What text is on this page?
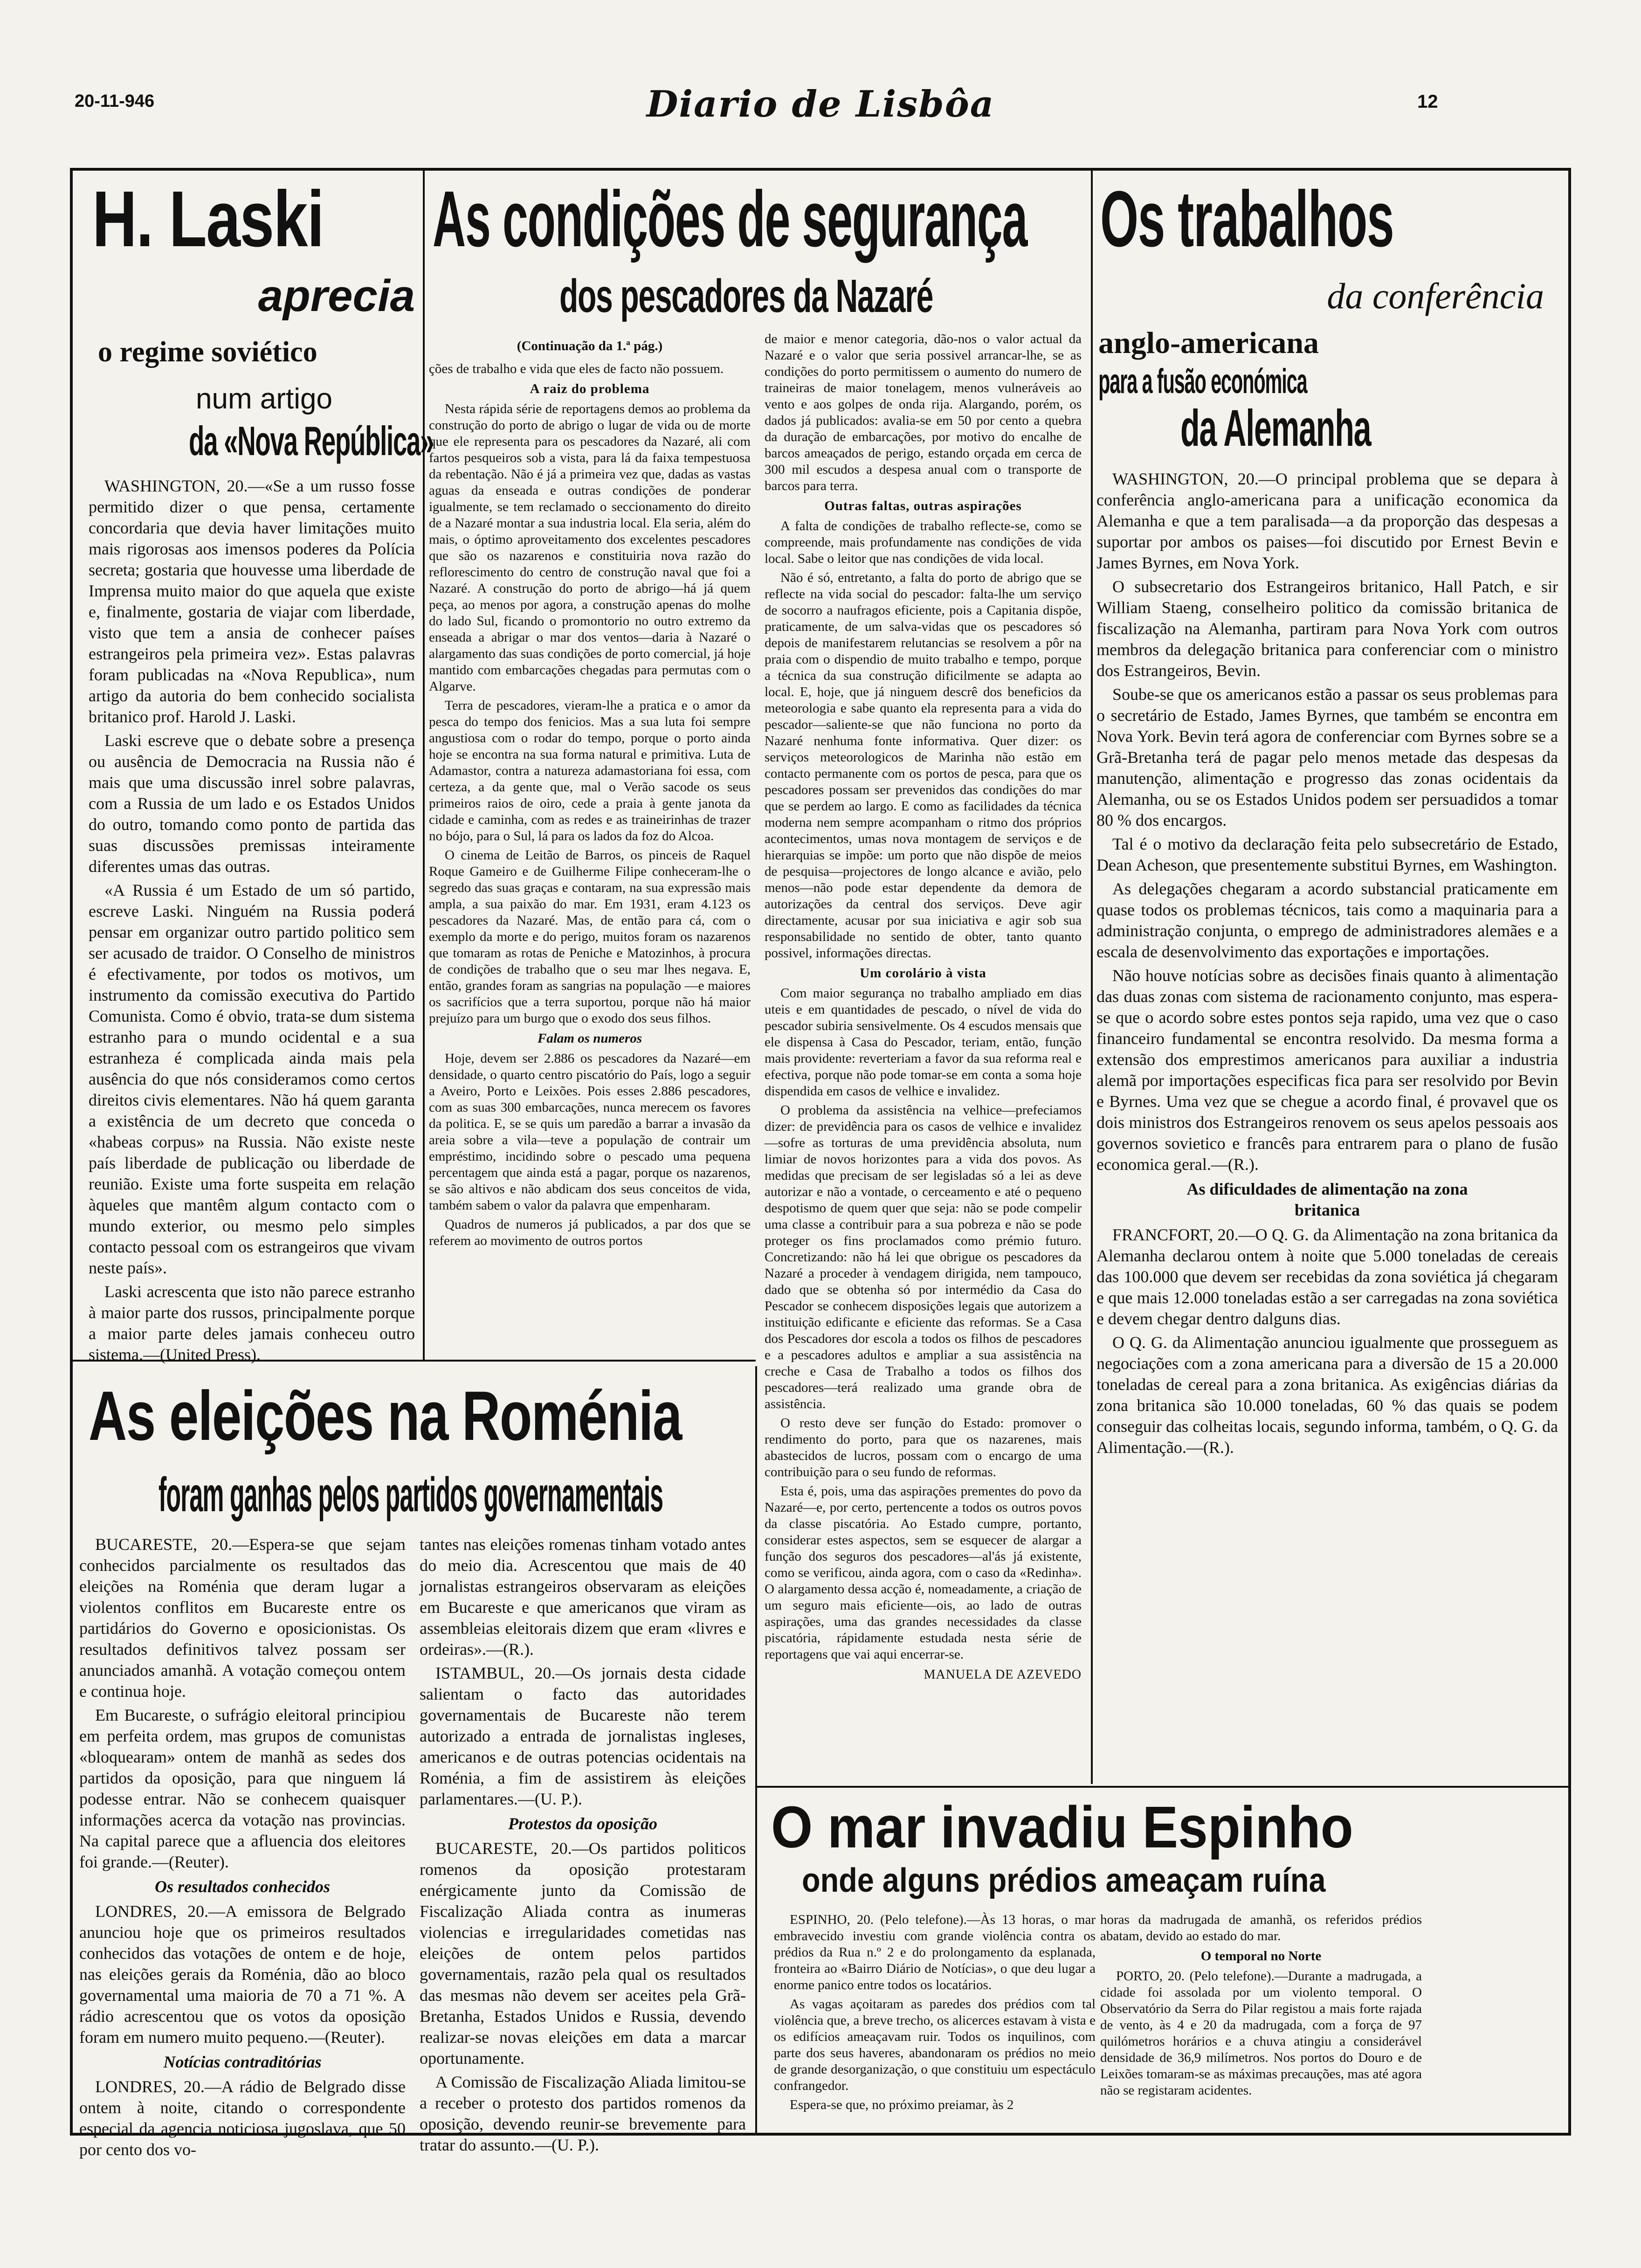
20-11-946	Diario de Lisbôa	12
H. Laski
aprecia
o regime soviético
num artigo
da «Nova República»

WASHINGTON, 20.—«Se a um russo fosse permitido dizer o que pensa, certamente concordaria que devia haver limitações muito mais rigorosas aos imensos poderes da Polícia secreta; gostaria que houvesse uma liberdade de Imprensa muito maior do que aquela que existe e, finalmente, gostaria de viajar com liberdade, visto que tem a ansia de conhecer países estrangeiros pela primeira vez». Estas palavras foram publicadas na «Nova Republica», num artigo da autoria do bem conhecido socialista britanico prof. Harold J. Laski.

Laski escreve que o debate sobre a presença ou ausência de Democracia na Russia não é mais que uma discussão inrel sobre palavras, com a Russia de um lado e os Estados Unidos do outro, tomando como ponto de partida das suas discussões premissas inteiramente diferentes umas das outras.

«A Russia é um Estado de um só partido, escreve Laski. Ninguém na Russia poderá pensar em organizar outro partido politico sem ser acusado de traidor. O Conselho de ministros é efectivamente, por todos os motivos, um instrumento da comissão executiva do Partido Comunista. Como é obvio, trata-se dum sistema estranho para o mundo ocidental e a sua estranheza é complicada ainda mais pela ausência do que nós consideramos como certos direitos civis elementares. Não há quem garanta a existência de um decreto que conceda o «habeas corpus» na Russia. Não existe neste país liberdade de publicação ou liberdade de reunião. Existe uma forte suspeita em relação àqueles que mantêm algum contacto com o mundo exterior, ou mesmo pelo simples contacto pessoal com os estrangeiros que vivam neste país».

Laski acrescenta que isto não parece estranho à maior parte dos russos, principalmente porque a maior parte deles jamais conheceu outro sistema.—(United Press).

As condições de segurança
dos pescadores da Nazaré
(Continuação da 1.ª pág.)

ções de trabalho e vida que eles de facto não possuem.

A raiz do problema

Nesta rápida série de reportagens demos ao problema da construção do porto de abrigo o lugar de vida ou de morte que ele representa para os pescadores da Nazaré, ali com fartos pesqueiros sob a vista, para lá da faixa tempestuosa da rebentação. Não é já a primeira vez que, dadas as vastas aguas da enseada e outras condições de ponderar igualmente, se tem reclamado o seccionamento do direito de a Nazaré montar a sua industria local. Ela seria, além do mais, o óptimo aproveitamento dos excelentes pescadores que são os nazarenos e constituiria nova razão do reflorescimento do centro de construção naval que foi a Nazaré. A construção do porto de abrigo—há já quem peça, ao menos por agora, a construção apenas do molhe do lado Sul, ficando o promontorio no outro extremo da enseada a abrigar o mar dos ventos—daria à Nazaré o alargamento das suas condições de porto comercial, já hoje mantido com embarcações chegadas para permutas com o Algarve.

Terra de pescadores, vieram-lhe a pratica e o amor da pesca do tempo dos fenicios. Mas a sua luta foi sempre angustiosa com o rodar do tempo, porque o porto ainda hoje se encontra na sua forma natural e primitiva. Luta de Adamastor, contra a natureza adamastoriana foi essa, com certeza, a da gente que, mal o Verão sacode os seus primeiros raios de oiro, cede a praia à gente janota da cidade e caminha, com as redes e as traineirinhas de trazer no bójo, para o Sul, lá para os lados da foz do Alcoa.

O cinema de Leitão de Barros, os pinceis de Raquel Roque Gameiro e de Guilherme Filipe conheceram-lhe o segredo das suas graças e contaram, na sua expressão mais ampla, a sua paixão do mar. Em 1931, eram 4.123 os pescadores da Nazaré. Mas, de então para cá, com o exemplo da morte e do perigo, muitos foram os nazarenos que tomaram as rotas de Peniche e Matozinhos, à procura de condições de trabalho que o seu mar lhes negava. E, então, grandes foram as sangrias na população —e maiores os sacrifícios que a terra suportou, porque não há maior prejuízo para um burgo que o exodo dos seus filhos.

Falam os numeros

Hoje, devem ser 2.886 os pescadores da Nazaré—em densidade, o quarto centro piscatório do País, logo a seguir a Aveiro, Porto e Leixões. Pois esses 2.886 pescadores, com as suas 300 embarcações, nunca merecem os favores da politica. E, se se quis um paredão a barrar a invasão da areia sobre a vila—teve a população de contrair um empréstimo, incidindo sobre o pescado uma pequena percentagem que ainda está a pagar, porque os nazarenos, se são altivos e não abdicam dos seus conceitos de vida, também sabem o valor da palavra que empenharam.

Quadros de numeros já publicados, a par dos que se referem ao movimento de outros portos

de maior e menor categoria, dão-nos o valor actual da Nazaré e o valor que seria possivel arrancar-lhe, se as condições do porto permitissem o aumento do numero de traineiras de maior tonelagem, menos vulneráveis ao vento e aos golpes de onda rija. Alargando, porém, os dados já publicados: avalia-se em 50 por cento a quebra da duração de embarcações, por motivo do encalhe de barcos ameaçados de perigo, estando orçada em cerca de 300 mil escudos a despesa anual com o transporte de barcos para terra.

Outras faltas, outras aspirações

A falta de condições de trabalho reflecte-se, como se compreende, mais profundamente nas condições de vida local. Sabe o leitor que nas condições de vida local.

Não é só, entretanto, a falta do porto de abrigo que se reflecte na vida social do pescador: falta-lhe um serviço de socorro a naufragos eficiente, pois a Capitania dispõe, praticamente, de um salva-vidas que os pescadores só depois de manifestarem relutancias se resolvem a pôr na praia com o dispendio de muito trabalho e tempo, porque a técnica da sua construção dificilmente se adapta ao local. E, hoje, que já ninguem descrê dos beneficios da meteorologia e sabe quanto ela representa para a vida do pescador—saliente-se que não funciona no porto da Nazaré nenhuma fonte informativa. Quer dizer: os serviços meteorologicos de Marinha não estão em contacto permanente com os portos de pesca, para que os pescadores possam ser prevenidos das condições do mar que se perdem ao largo. E como as facilidades da técnica moderna nem sempre acompanham o ritmo dos próprios acontecimentos, umas nova montagem de serviços e de hierarquias se impõe: um porto que não dispõe de meios de pesquisa—projectores de longo alcance e avião, pelo menos—não pode estar dependente da demora de autorizações da central dos serviços. Deve agir directamente, acusar por sua iniciativa e agir sob sua responsabilidade no sentido de obter, tanto quanto possivel, informações directas.

Um corolário à vista

Com maior segurança no trabalho ampliado em dias uteis e em quantidades de pescado, o nível de vida do pescador subiria sensivelmente. Os 4 escudos mensais que ele dispensa à Casa do Pescador, teriam, então, função mais providente: reverteriam a favor da sua reforma real e efectiva, porque não pode tomar-se em conta a soma hoje dispendida em casos de velhice e invalidez.

O problema da assistência na velhice—prefeciamos dizer: de previdência para os casos de velhice e invalidez—sofre as torturas de uma previdência absoluta, num limiar de novos horizontes para a vida dos povos. As medidas que precisam de ser legisladas só a lei as deve autorizar e não a vontade, o cerceamento e até o pequeno despotismo de quem quer que seja: não se pode compelir uma classe a contribuir para a sua pobreza e não se pode proteger os fins proclamados como prémio futuro. Concretizando: não há lei que obrigue os pescadores da Nazaré a proceder à vendagem dirigida, nem tampouco, dado que se obtenha só por intermédio da Casa do Pescador se conhecem disposições legais que autorizem a instituição edificante e eficiente das reformas. Se a Casa dos Pescadores dor escola a todos os filhos de pescadores e a pescadores adultos e ampliar a sua assistência na creche e Casa de Trabalho a todos os filhos dos pescadores—terá realizado uma grande obra de assistência.

O resto deve ser função do Estado: promover o rendimento do porto, para que os nazarenes, mais abastecidos de lucros, possam com o encargo de uma contribuição para o seu fundo de reformas.

Esta é, pois, uma das aspirações prementes do povo da Nazaré—e, por certo, pertencente a todos os outros povos da classe piscatória. Ao Estado cumpre, portanto, considerar estes aspectos, sem se esquecer de alargar a função dos seguros dos pescadores—al'ás já existente, como se verificou, ainda agora, com o caso da «Redinha». O alargamento dessa acção é, nomeadamente, a criação de um seguro mais eficiente—ois, ao lado de outras aspirações, uma das grandes necessidades da classe piscatória, rápidamente estudada nesta série de reportagens que vai aqui encerrar-se.

MANUELA DE AZEVEDO
Os trabalhos
da conferência
anglo-americana
para a fusão económica
da Alemanha

WASHINGTON, 20.—O principal problema que se depara à conferência anglo-americana para a unificação economica da Alemanha e que a tem paralisada—a da proporção das despesas a suportar por ambos os paises—foi discutido por Ernest Bevin e James Byrnes, em Nova York.

O subsecretario dos Estrangeiros britanico, Hall Patch, e sir William Staeng, conselheiro politico da comissão britanica de fiscalização na Alemanha, partiram para Nova York com outros membros da delegação britanica para conferenciar com o ministro dos Estrangeiros, Bevin.

Soube-se que os americanos estão a passar os seus problemas para o secretário de Estado, James Byrnes, que também se encontra em Nova York. Bevin terá agora de conferenciar com Byrnes sobre se a Grã-Bretanha terá de pagar pelo menos metade das despesas da manutenção, alimentação e progresso das zonas ocidentais da Alemanha, ou se os Estados Unidos podem ser persuadidos a tomar 80 % dos encargos.

Tal é o motivo da declaração feita pelo subsecretário de Estado, Dean Acheson, que presentemente substitui Byrnes, em Washington.

As delegações chegaram a acordo substancial praticamente em quase todos os problemas técnicos, tais como a maquinaria para a administração conjunta, o emprego de administradores alemães e a escala de desenvolvimento das exportações e importações.

Não houve notícias sobre as decisões finais quanto à alimentação das duas zonas com sistema de racionamento conjunto, mas espera-se que o acordo sobre estes pontos seja rapido, uma vez que o caso financeiro fundamental se encontra resolvido. Da mesma forma a extensão dos emprestimos americanos para auxiliar a industria alemã por importações especificas fica para ser resolvido por Bevin e Byrnes. Uma vez que se chegue a acordo final, é provavel que os dois ministros dos Estrangeiros renovem os seus apelos pessoais aos governos sovietico e francês para entrarem para o plano de fusão economica geral.—(R.).

As dificuldades de alimentação na zona britanica

FRANCFORT, 20.—O Q. G. da Alimentação na zona britanica da Alemanha declarou ontem à noite que 5.000 toneladas de cereais das 100.000 que devem ser recebidas da zona soviética já chegaram e que mais 12.000 toneladas estão a ser carregadas na zona soviética e devem chegar dentro dalguns dias.

O Q. G. da Alimentação anunciou igualmente que prosseguem as negociações com a zona americana para a diversão de 15 a 20.000 toneladas de cereal para a zona britanica. As exigências diárias da zona britanica são 10.000 toneladas, 60 % das quais se podem conseguir das colheitas locais, segundo informa, também, o Q. G. da Alimentação.—(R.).

As eleições na Roménia
foram ganhas pelos partidos governamentais

BUCARESTE, 20.—Espera-se que sejam conhecidos parcialmente os resultados das eleições na Roménia que deram lugar a violentos conflitos em Bucareste entre os partidários do Governo e oposicionistas. Os resultados definitivos talvez possam ser anunciados amanhã. A votação começou ontem e continua hoje.

Em Bucareste, o sufrágio eleitoral principiou em perfeita ordem, mas grupos de comunistas «bloquearam» ontem de manhã as sedes dos partidos da oposição, para que ninguem lá podesse entrar. Não se conhecem quaisquer informações acerca da votação nas provincias. Na capital parece que a afluencia dos eleitores foi grande.—(Reuter).

Os resultados conhecidos

LONDRES, 20.—A emissora de Belgrado anunciou hoje que os primeiros resultados conhecidos das votações de ontem e de hoje, nas eleições gerais da Roménia, dão ao bloco governamental uma maioria de 70 a 71 %. A rádio acrescentou que os votos da oposição foram em numero muito pequeno.—(Reuter).

Notícias contraditórias

LONDRES, 20.—A rádio de Belgrado disse ontem à noite, citando o correspondente especial da agencia noticiosa jugoslava, que 50 por cento dos vo-

tantes nas eleições romenas tinham votado antes do meio dia. Acrescentou que mais de 40 jornalistas estrangeiros observaram as eleições em Bucareste e que americanos que viram as assembleias eleitorais dizem que eram «livres e ordeiras».—(R.).

ISTAMBUL, 20.—Os jornais desta cidade salientam o facto das autoridades governamentais de Bucareste não terem autorizado a entrada de jornalistas ingleses, americanos e de outras potencias ocidentais na Roménia, a fim de assistirem às eleições parlamentares.—(U. P.).

Protestos da oposição

BUCARESTE, 20.—Os partidos politicos romenos da oposição protestaram enérgicamente junto da Comissão de Fiscalização Aliada contra as inumeras violencias e irregularidades cometidas nas eleições de ontem pelos partidos governamentais, razão pela qual os resultados das mesmas não devem ser aceites pela Grã-Bretanha, Estados Unidos e Russia, devendo realizar-se novas eleições em data a marcar oportunamente.

A Comissão de Fiscalização Aliada limitou-se a receber o protesto dos partidos romenos da oposição, devendo reunir-se brevemente para tratar do assunto.—(U. P.).

O mar invadiu Espinho
onde alguns prédios ameaçam ruína

ESPINHO, 20. (Pelo telefone).—Às 13 horas, o mar embravecido investiu com grande violência contra os prédios da Rua n.º 2 e do prolongamento da esplanada, fronteira ao «Bairro Diário de Notícias», o que deu lugar a enorme panico entre todos os locatários.

As vagas açoitaram as paredes dos prédios com tal violência que, a breve trecho, os alicerces estavam à vista e os edifícios ameaçavam ruir. Todos os inquilinos, com parte dos seus haveres, abandonaram os prédios no meio de grande desorganização, o que constituiu um espectáculo confrangedor.

Espera-se que, no próximo preiamar, às 2

horas da madrugada de amanhã, os referidos prédios abatam, devido ao estado do mar.

O temporal no Norte

PORTO, 20. (Pelo telefone).—Durante a madrugada, a cidade foi assolada por um violento temporal. O Observatório da Serra do Pilar registou a mais forte rajada de vento, às 4 e 20 da madrugada, com a força de 97 quilómetros horários e a chuva atingiu a considerável densidade de 36,9 milímetros. Nos portos do Douro e de Leixões tomaram-se as máximas precauções, mas até agora não se registaram acidentes.
